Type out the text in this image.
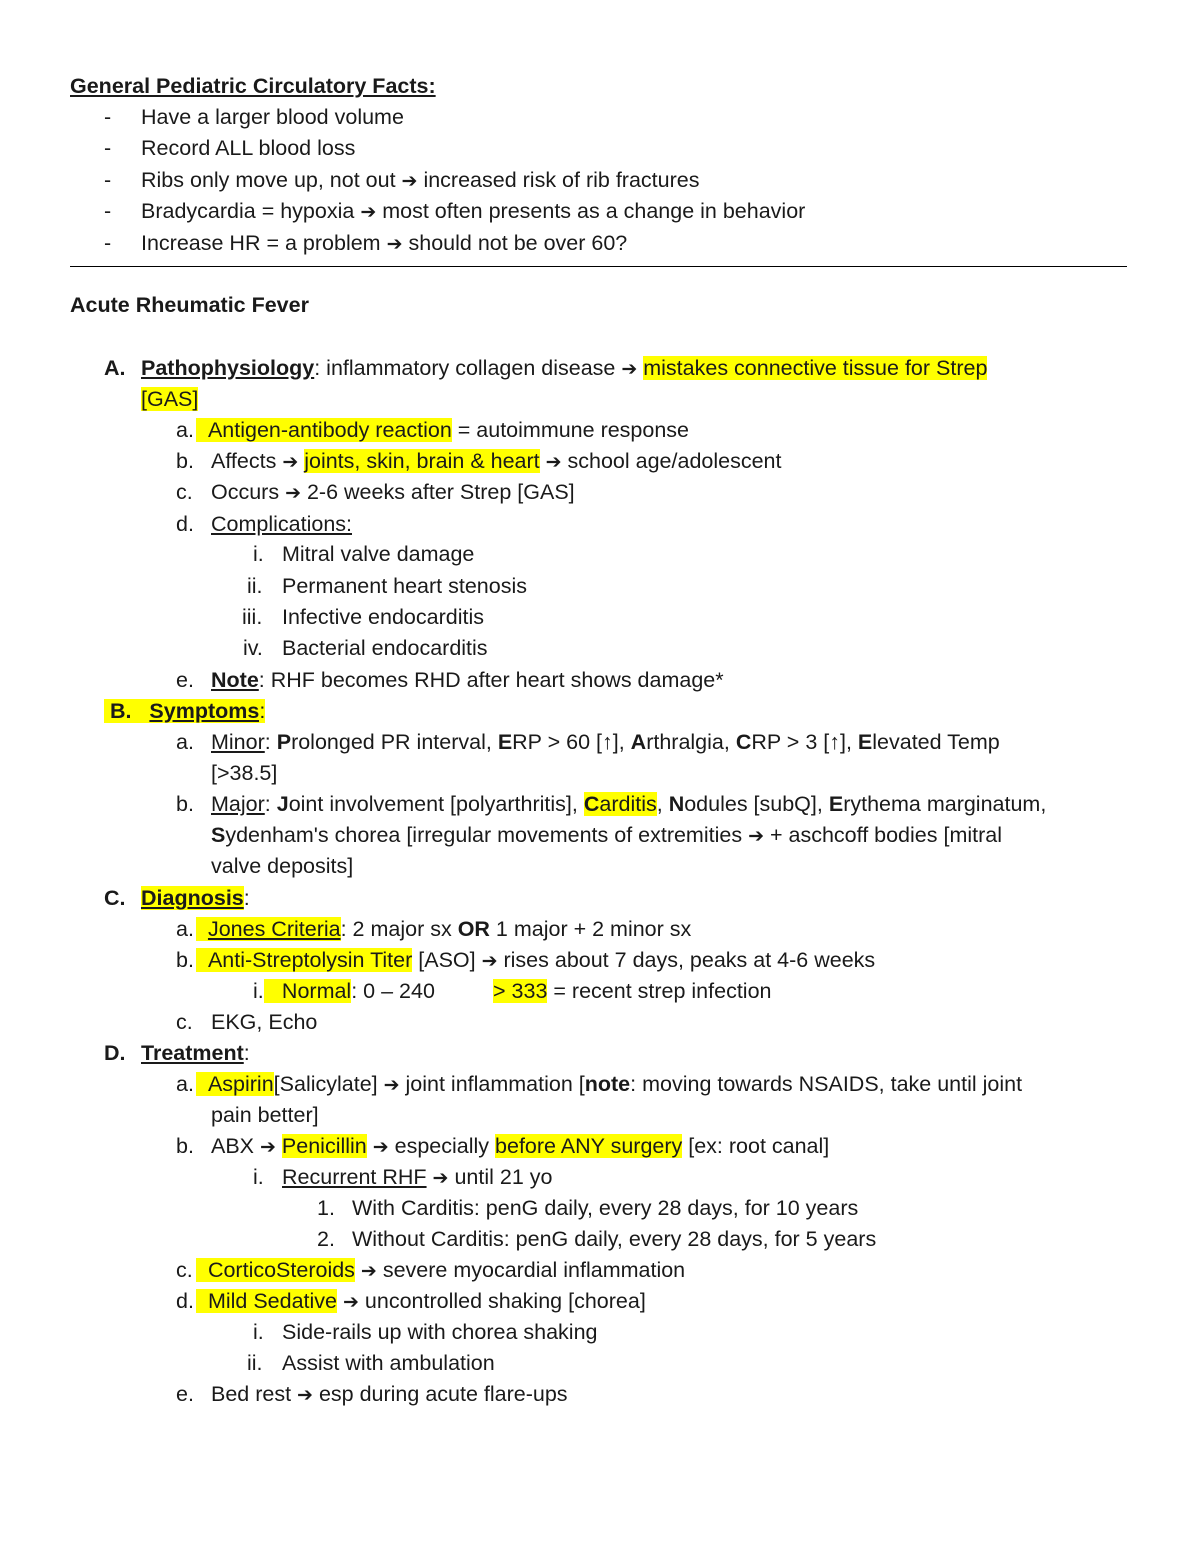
General Pediatric Circulatory Facts:
- Have a larger blood volume
- Record ALL blood loss
- Ribs only move up, not out ➔ increased risk of rib fractures
- Bradycardia = hypoxia ➔ most often presents as a change in behavior
- Increase HR = a problem ➔ should not be over 60?
Acute Rheumatic Fever
A. Pathophysiology: inflammatory collagen disease ➔ mistakes connective tissue for Strep
[GAS]
a. Antigen-antibody reaction = autoimmune response
b. Affects ➔ joints, skin, brain & heart ➔ school age/adolescent
c. Occurs ➔ 2-6 weeks after Strep [GAS]
d. Complications:
i. Mitral valve damage
ii. Permanent heart stenosis
iii. Infective endocarditis
iv. Bacterial endocarditis
e. Note: RHF becomes RHD after heart shows damage*
B. Symptoms:
a. Minor: Prolonged PR interval, ERP > 60 [↑], Arthralgia, CRP > 3 [↑], Elevated Temp
[>38.5]
b. Major: Joint involvement [polyarthritis], Carditis, Nodules [subQ], Erythema marginatum,
Sydenham's chorea [irregular movements of extremities ➔ + aschcoff bodies [mitral
valve deposits]
C. Diagnosis:
a. Jones Criteria: 2 major sx OR 1 major + 2 minor sx
b. Anti-Streptolysin Titer [ASO] ➔ rises about 7 days, peaks at 4-6 weeks
i. Normal: 0 – 240	> 333 = recent strep infection
c. EKG, Echo
D. Treatment:
a. Aspirin[Salicylate] ➔ joint inflammation [note: moving towards NSAIDS, take until joint
pain better]
b. ABX ➔ Penicillin ➔ especially before ANY surgery [ex: root canal]
i. Recurrent RHF ➔ until 21 yo
1. With Carditis: penG daily, every 28 days, for 10 years
2. Without Carditis: penG daily, every 28 days, for 5 years
c. CorticoSteroids ➔ severe myocardial inflammation
d. Mild Sedative ➔ uncontrolled shaking [chorea]
i. Side-rails up with chorea shaking
ii. Assist with ambulation
e. Bed rest ➔ esp during acute flare-ups
